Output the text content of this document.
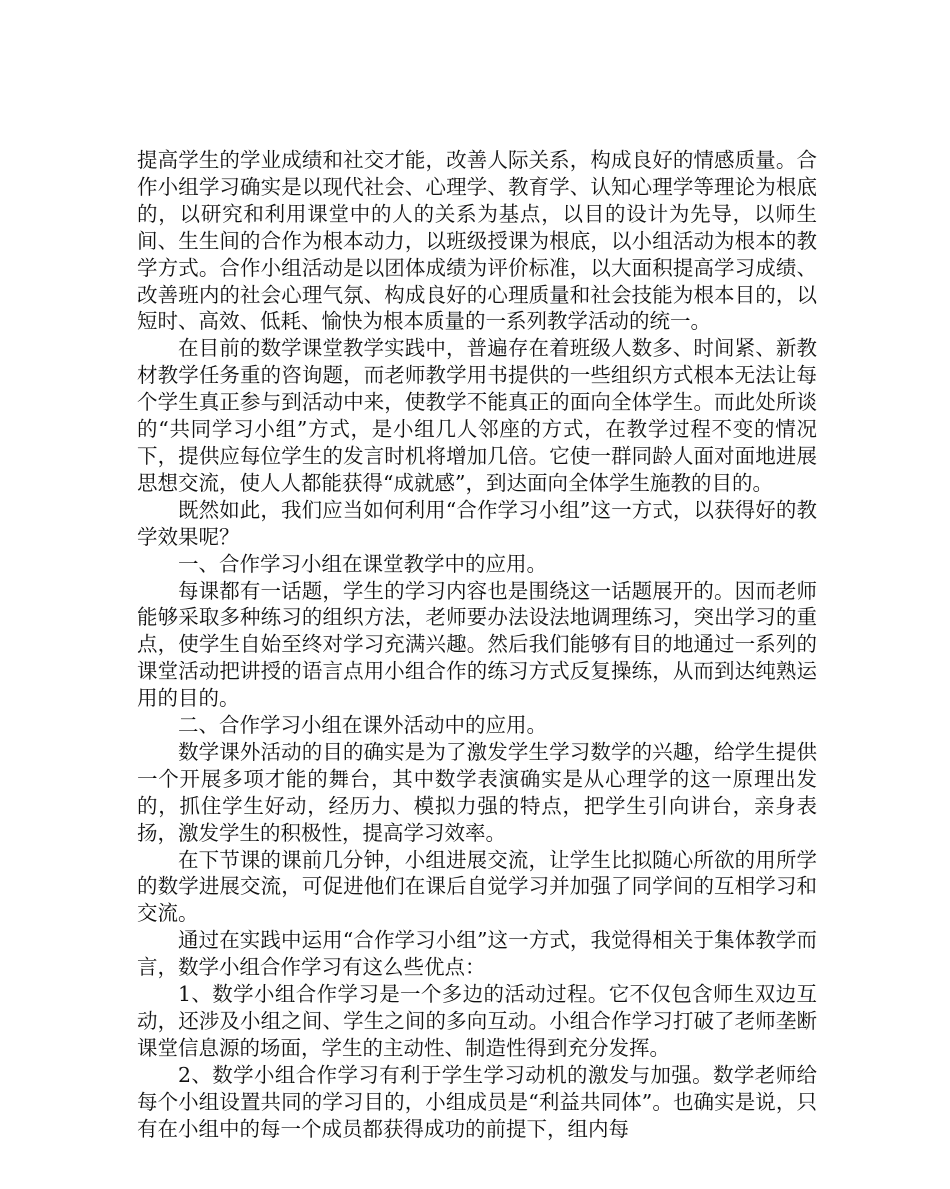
提高学生的学业成绩和社交才能，改善人际关系，构成良好的情感质量。合作小组学习确实是以现代社会、心理学、教育学、认知心理学等理论为根底的，以研究和利用课堂中的人的关系为基点，以目的设计为先导，以师生间、生生间的合作为根本动力，以班级授课为根底，以小组活动为根本的教学方式。合作小组活动是以团体成绩为评价标准，以大面积提高学习成绩、改善班内的社会心理气氛、构成良好的心理质量和社会技能为根本目的，以短时、高效、低耗、愉快为根本质量的一系列教学活动的统一。

在目前的数学课堂教学实践中，普遍存在着班级人数多、时间紧、新教材教学任务重的咨询题，而老师教学用书提供的一些组织方式根本无法让每个学生真正参与到活动中来，使教学不能真正的面向全体学生。而此处所谈的“共同学习小组”方式，是小组几人邻座的方式，在教学过程不变的情况下，提供应每位学生的发言时机将增加几倍。它使一群同龄人面对面地进展思想交流，使人人都能获得“成就感”，到达面向全体学生施教的目的。

既然如此，我们应当如何利用“合作学习小组”这一方式，以获得好的教学效果呢？

一、合作学习小组在课堂教学中的应用。

每课都有一话题，学生的学习内容也是围绕这一话题展开的。因而老师能够采取多种练习的组织方法，老师要办法设法地调理练习，突出学习的重点，使学生自始至终对学习充满兴趣。然后我们能够有目的地通过一系列的课堂活动把讲授的语言点用小组合作的练习方式反复操练，从而到达纯熟运用的目的。

二、合作学习小组在课外活动中的应用。

数学课外活动的目的确实是为了激发学生学习数学的兴趣，给学生提供一个开展多项才能的舞台，其中数学表演确实是从心理学的这一原理出发的，抓住学生好动，经历力、模拟力强的特点，把学生引向讲台，亲身表扬，激发学生的积极性，提高学习效率。

在下节课的课前几分钟，小组进展交流，让学生比拟随心所欲的用所学的数学进展交流，可促进他们在课后自觉学习并加强了同学间的互相学习和交流。

通过在实践中运用“合作学习小组”这一方式，我觉得相关于集体教学而言，数学小组合作学习有这么些优点：

1、数学小组合作学习是一个多边的活动过程。它不仅包含师生双边互动，还涉及小组之间、学生之间的多向互动。小组合作学习打破了老师垄断课堂信息源的场面，学生的主动性、制造性得到充分发挥。

2、数学小组合作学习有利于学生学习动机的激发与加强。数学老师给每个小组设置共同的学习目的，小组成员是“利益共同体”。也确实是说，只有在小组中的每一个成员都获得成功的前提下，组内每
